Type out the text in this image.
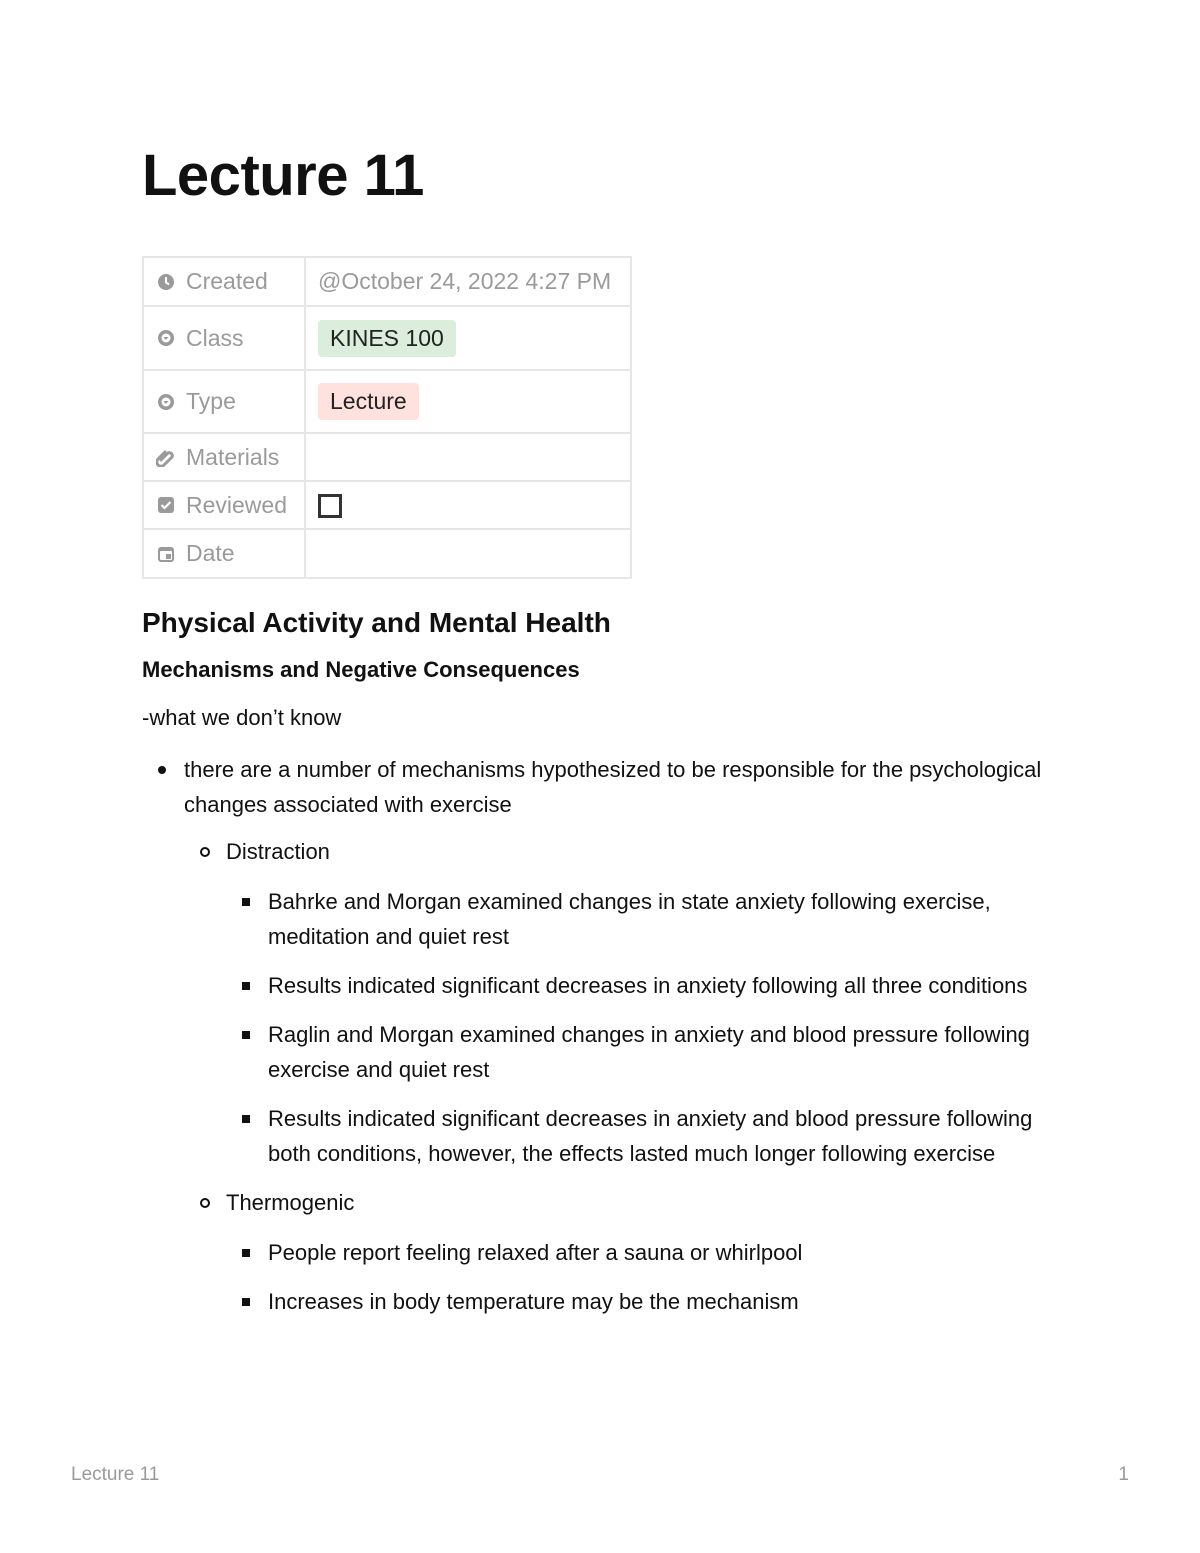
Lecture 11
Created	@October 24, 2022 4:27 PM

Class	KINES 100

Type	Lecture

Materials	

Reviewed	

Date	

Physical Activity and Mental Health
Mechanisms and Negative Consequences

-what we don’t know

there are a number of mechanisms hypothesized to be responsible for the psychological changes associated with exercise
Distraction
Bahrke and Morgan examined changes in state anxiety following exercise, meditation and quiet rest
Results indicated significant decreases in anxiety following all three conditions
Raglin and Morgan examined changes in anxiety and blood pressure following exercise and quiet rest
Results indicated significant decreases in anxiety and blood pressure following both conditions, however, the effects lasted much longer following exercise
Thermogenic
People report feeling relaxed after a sauna or whirlpool
Increases in body temperature may be the mechanism
Lecture 11	1
